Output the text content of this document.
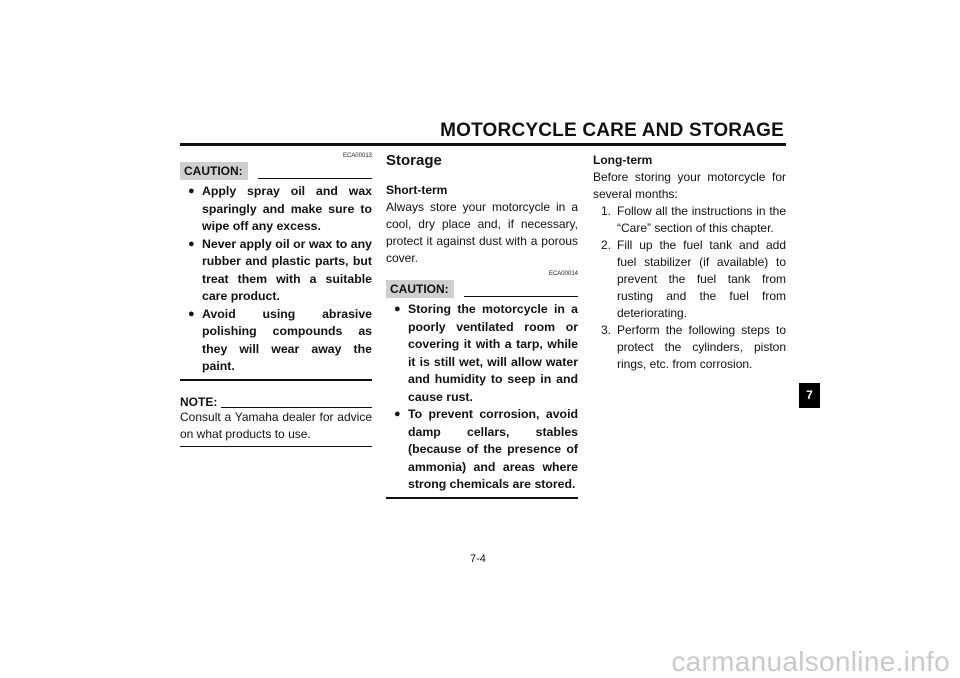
MOTORCYCLE CARE AND STORAGE

ECA00013

CAUTION:
● Apply spray oil and wax sparingly and make sure to wipe off any excess.
● Never apply oil or wax to any rubber and plastic parts, but treat them with a suitable care product.
● Avoid using abrasive polishing compounds as they will wear away the paint.
NOTE:

Consult a Yamaha dealer for advice on what products to use.

Storage
Short-term

Always store your motorcycle in a cool, dry place and, if necessary, protect it against dust with a porous cover.

ECA00014

CAUTION:
● Storing the motorcycle in a poorly ventilated room or covering it with a tarp, while it is still wet, will allow water and humidity to seep in and cause rust.
● To prevent corrosion, avoid damp cellars, stables (because of the presence of ammonia) and areas where strong chemicals are stored.
Long-term

Before storing your motorcycle for several months:

1. Follow all the instructions in the “Care” section of this chapter.
2. Fill up the fuel tank and add fuel stabilizer (if available) to prevent the fuel tank from rusting and the fuel from deteriorating.
3. Perform the following steps to protect the cylinders, piston rings, etc. from corrosion.
7
7-4
carmanualsonline.info
